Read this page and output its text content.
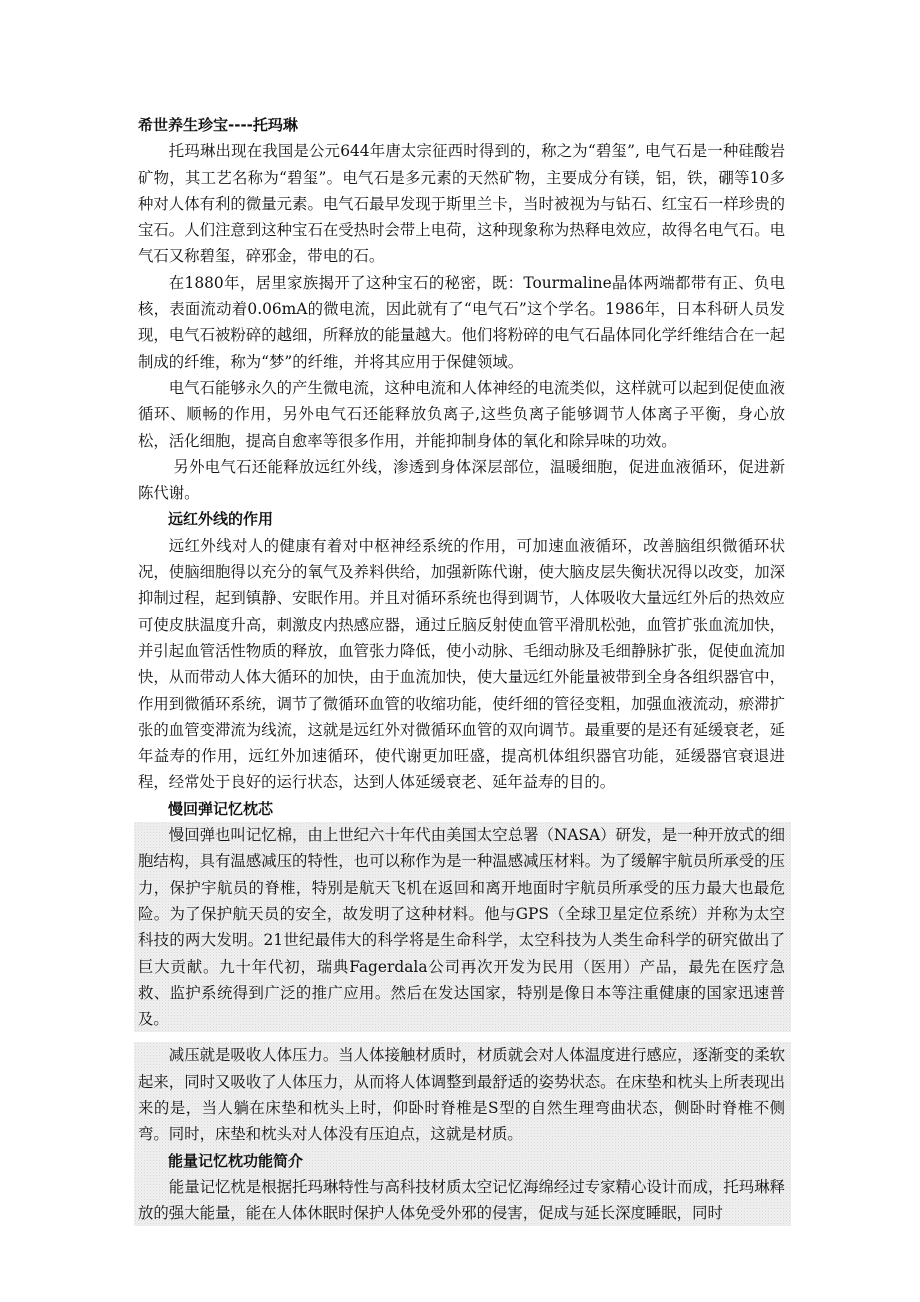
希世养生珍宝----托玛琳

托玛琳出现在我国是公元644年唐太宗征西时得到的，称之为“碧玺”, 电气石是一种硅酸岩矿物，其工艺名称为“碧玺”。电气石是多元素的天然矿物，主要成分有镁，铝，铁，硼等10多种对人体有利的微量元素。电气石最早发现于斯里兰卡，当时被视为与钻石、红宝石一样珍贵的宝石。人们注意到这种宝石在受热时会带上电荷，这种现象称为热释电效应，故得名电气石。电气石又称碧玺，碎邪金，带电的石。

在1880年，居里家族揭开了这种宝石的秘密，既：Tourmaline晶体两端都带有正、负电核，表面流动着0.06mA的微电流，因此就有了“电气石”这个学名。1986年，日本科研人员发现，电气石被粉碎的越细，所释放的能量越大。他们将粉碎的电气石晶体同化学纤维结合在一起制成的纤维，称为“梦”的纤维，并将其应用于保健领域。

电气石能够永久的产生微电流，这种电流和人体神经的电流类似，这样就可以起到促使血液循环、顺畅的作用，另外电气石还能释放负离子,这些负离子能够调节人体离子平衡，身心放松，活化细胞，提高自愈率等很多作用，并能抑制身体的氧化和除异味的功效。

另外电气石还能释放远红外线，渗透到身体深层部位，温暖细胞，促进血液循环，促进新陈代谢。

远红外线的作用

远红外线对人的健康有着对中枢神经系统的作用，可加速血液循环，改善脑组织微循环状况，使脑细胞得以充分的氧气及养料供给，加强新陈代谢，使大脑皮层失衡状况得以改变，加深抑制过程，起到镇静、安眠作用。并且对循环系统也得到调节，人体吸收大量远红外后的热效应可使皮肤温度升高，刺激皮内热感应器，通过丘脑反射使血管平滑肌松弛，血管扩张血流加快，并引起血管活性物质的释放，血管张力降低，使小动脉、毛细动脉及毛细静脉扩张，促使血流加快，从而带动人体大循环的加快，由于血流加快，使大量远红外能量被带到全身各组织器官中，作用到微循环系统，调节了微循环血管的收缩功能，使纤细的管径变粗，加强血液流动，瘀滞扩张的血管变滞流为线流，这就是远红外对微循环血管的双向调节。最重要的是还有延缓衰老，延年益寿的作用，远红外加速循环，使代谢更加旺盛，提高机体组织器官功能，延缓器官衰退进程，经常处于良好的运行状态，达到人体延缓衰老、延年益寿的目的。

慢回弹记忆枕芯

慢回弹也叫记忆棉，由上世纪六十年代由美国太空总署（NASA）研发，是一种开放式的细胞结构，具有温感减压的特性，也可以称作为是一种温感减压材料。为了缓解宇航员所承受的压力，保护宇航员的脊椎，特别是航天飞机在返回和离开地面时宇航员所承受的压力最大也最危险。为了保护航天员的安全，故发明了这种材料。他与GPS（全球卫星定位系统）并称为太空科技的两大发明。21世纪最伟大的科学将是生命科学，太空科技为人类生命科学的研究做出了巨大贡献。九十年代初，瑞典Fagerdala公司再次开发为民用（医用）产品，最先在医疗急救、监护系统得到广泛的推广应用。然后在发达国家，特别是像日本等注重健康的国家迅速普及。

减压就是吸收人体压力。当人体接触材质时，材质就会对人体温度进行感应，逐渐变的柔软起来，同时又吸收了人体压力，从而将人体调整到最舒适的姿势状态。在床垫和枕头上所表现出来的是，当人躺在床垫和枕头上时，仰卧时脊椎是S型的自然生理弯曲状态，侧卧时脊椎不侧弯。同时，床垫和枕头对人体没有压迫点，这就是材质。

能量记忆枕功能简介

能量记忆枕是根据托玛琳特性与高科技材质太空记忆海绵经过专家精心设计而成，托玛琳释放的强大能量，能在人体休眠时保护人体免受外邪的侵害，促成与延长深度睡眠，同时
